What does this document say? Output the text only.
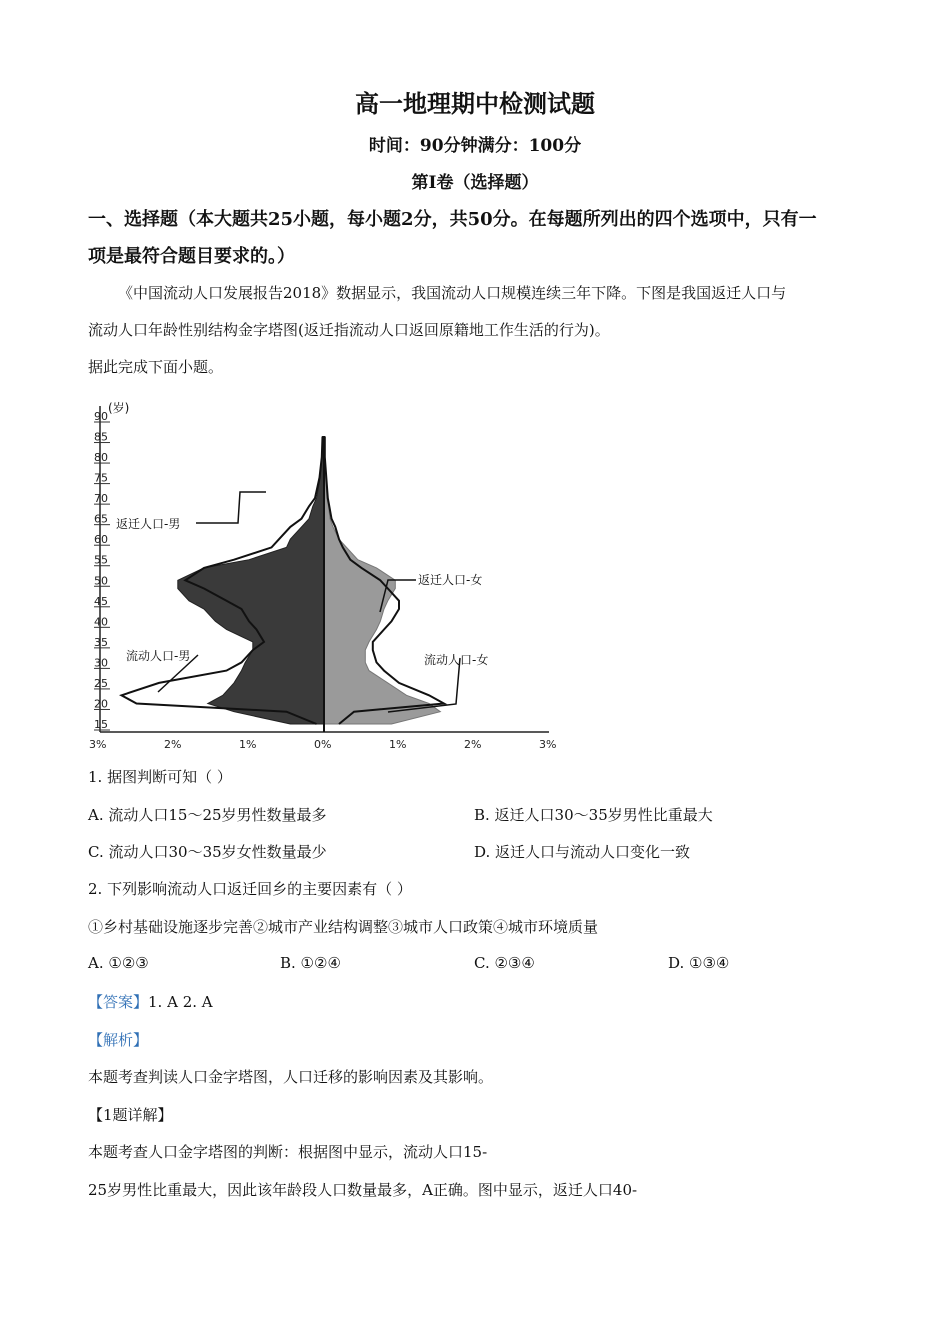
高一地理期中检测试题
时间：90分钟满分：100分
第Ⅰ卷（选择题）
一、选择题（本大题共25小题，每小题2分，共50分。在每题所列出的四个选项中，只有一
项是最符合题目要求的。）
《中国流动人口发展报告2018》数据显示，我国流动人口规模连续三年下降。下图是我国返迁人口与
流动人口年龄性别结构金字塔图(返迁指流动人口返回原籍地工作生活的行为)。
据此完成下面小题。
90
85
80
75
70
65
60
55
50
45
40
35
30
25
20
15
3%	2%	1%	0%	1%	2%	3%
(岁)
返迁人口-男
返迁人口-女
流动人口-男	流动人口-女
1. 据图判断可知（ ）
A. 流动人口15～25岁男性数量最多	B. 返迁人口30～35岁男性比重最大
C. 流动人口30～35岁女性数量最少	D. 返迁人口与流动人口变化一致
2. 下列影响流动人口返迁回乡的主要因素有（ ）
①乡村基础设施逐步完善②城市产业结构调整③城市人口政策④城市环境质量
A. ①②③	B. ①②④	C. ②③④	D. ①③④
【答案】1. A 2. A
【解析】
本题考查判读人口金字塔图，人口迁移的影响因素及其影响。
【1题详解】
本题考查人口金字塔图的判断：根据图中显示，流动人口15-
25岁男性比重最大，因此该年龄段人口数量最多，A正确。图中显示，返迁人口40-
